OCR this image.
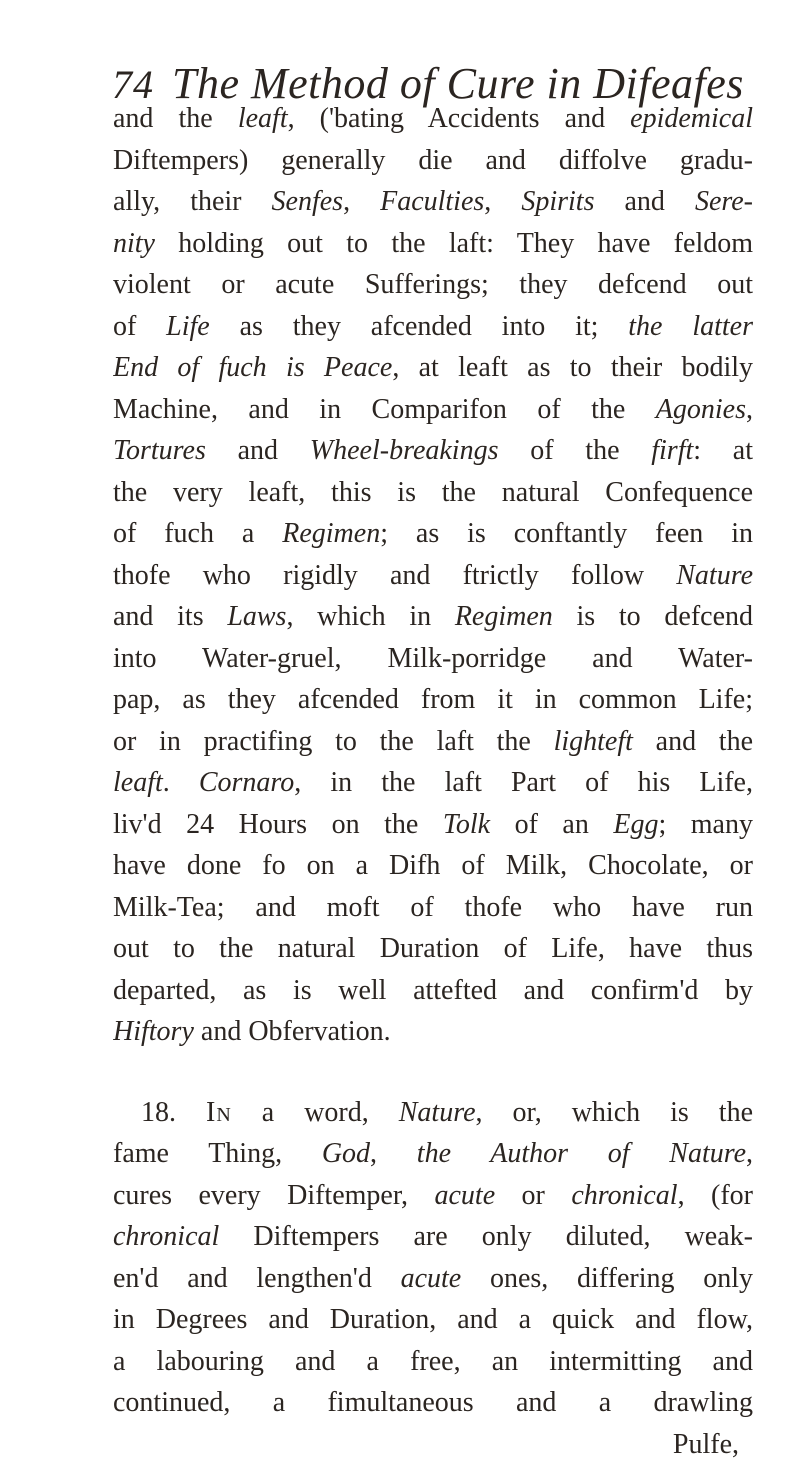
74 The Method of Cure in Difeafes
and the leaft, ('bating Accidents and epidemical
Diftempers) generally die and diffolve gradu-
ally, their Senfes, Faculties, Spirits and Sere-
nity holding out to the laft: They have feldom
violent or acute Sufferings; they defcend out
of Life as they afcended into it; the latter
End of fuch is Peace, at leaft as to their bodily
Machine, and in Comparifon of the Agonies,
Tortures and Wheel-breakings of the firft: at
the very leaft, this is the natural Confequence
of fuch a Regimen; as is conftantly feen in
thofe who rigidly and ftrictly follow Nature
and its Laws, which in Regimen is to defcend
into Water-gruel, Milk-porridge and Water-
pap, as they afcended from it in common Life;
or in practifing to the laft the lighteft and the
leaft. Cornaro, in the laft Part of his Life,
liv'd 24 Hours on the Tolk of an Egg; many
have done fo on a Difh of Milk, Chocolate, or
Milk-Tea; and moft of thofe who have run
out to the natural Duration of Life, have thus
departed, as is well attefted and confirm'd by
Hiftory and Obfervation.
18. In a word, Nature, or, which is the
fame Thing, God, the Author of Nature,
cures every Diftemper, acute or chronical, (for
chronical Diftempers are only diluted, weak-
en'd and lengthen'd acute ones, differing only
in Degrees and Duration, and a quick and flow,
a labouring and a free, an intermitting and
continued, a fimultaneous and a drawling
Pulfe,
